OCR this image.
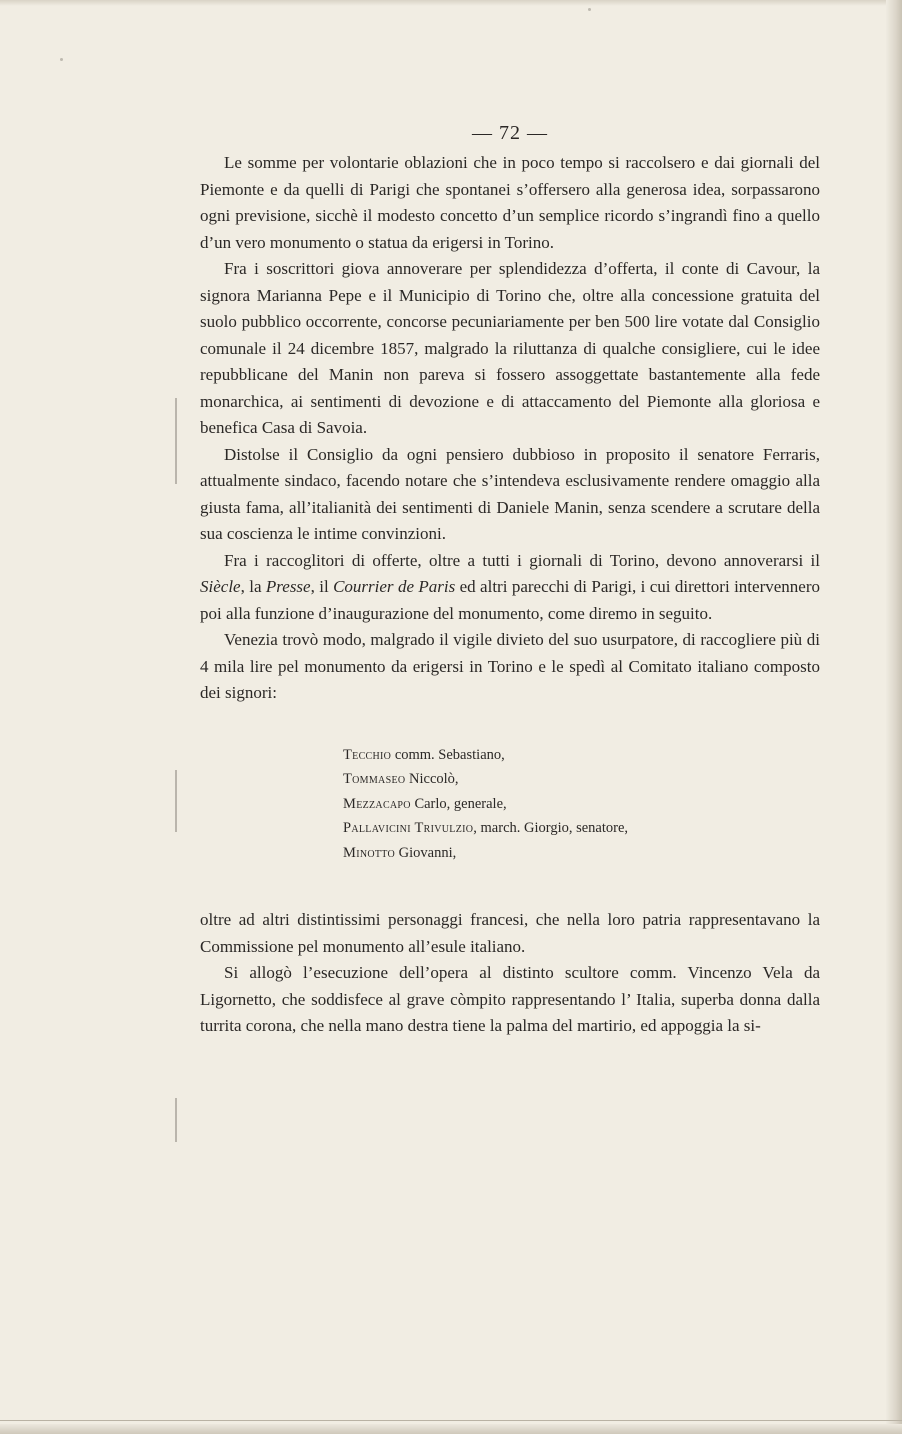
— 72 —

Le somme per volontarie oblazioni che in poco tempo si raccolsero e dai giornali del Piemonte e da quelli di Parigi che spontanei s’offersero alla generosa idea, sorpassarono ogni previsione, sicchè il modesto concetto d’un semplice ricordo s’ingrandì fino a quello d’un vero monumento o statua da erigersi in Torino.

Fra i soscrittori giova annoverare per splendidezza d’offerta, il conte di Cavour, la signora Marianna Pepe e il Municipio di Torino che, oltre alla concessione gratuita del suolo pubblico occorrente, concorse pecuniariamente per ben 500 lire votate dal Consiglio comunale il 24 dicembre 1857, malgrado la riluttanza di qualche consigliere, cui le idee repubblicane del Manin non pareva si fossero assoggettate bastantemente alla fede monarchica, ai sentimenti di devozione e di attaccamento del Piemonte alla gloriosa e benefica Casa di Savoia.

Distolse il Consiglio da ogni pensiero dubbioso in proposito il senatore Ferraris, attualmente sindaco, facendo notare che s’intendeva esclusivamente rendere omaggio alla giusta fama, all’italianità dei sentimenti di Daniele Manin, senza scendere a scrutare della sua coscienza le intime convinzioni.

Fra i raccoglitori di offerte, oltre a tutti i giornali di Torino, devono annoverarsi il Siècle, la Presse, il Courrier de Paris ed altri parecchi di Parigi, i cui direttori intervennero poi alla funzione d’inaugurazione del monumento, come diremo in seguito.

Venezia trovò modo, malgrado il vigile divieto del suo usurpatore, di raccogliere più di 4 mila lire pel monumento da erigersi in Torino e le spedì al Comitato italiano composto dei signori:

Tecchio comm. Sebastiano,
Tommaseo Niccolò,
Mezzacapo Carlo, generale,
Pallavicini Trivulzio, march. Giorgio, senatore,
Minotto Giovanni,

oltre ad altri distintissimi personaggi francesi, che nella loro patria rappresentavano la Commissione pel monumento all’esule italiano.

Si allogò l’esecuzione dell’opera al distinto scultore comm. Vincenzo Vela da Ligornetto, che soddisfece al grave còmpito rappresentando l’ Italia, superba donna dalla turrita corona, che nella mano destra tiene la palma del martirio, ed appoggia la si-
